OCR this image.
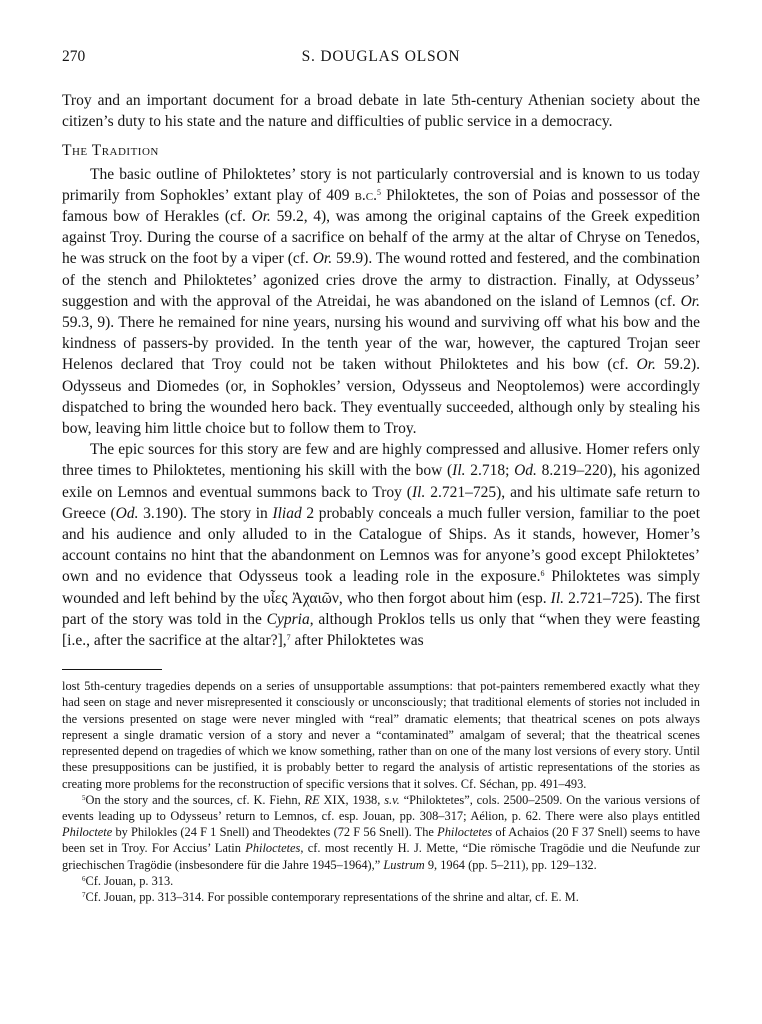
270	S. DOUGLAS OLSON

Troy and an important document for a broad debate in late 5th-century Athenian society about the citizen’s duty to his state and the nature and difficulties of public service in a democracy.

The Tradition

The basic outline of Philoktetes’ story is not particularly controversial and is known to us today primarily from Sophokles’ extant play of 409 b.c.$^5$ Philoktetes, the son of Poias and possessor of the famous bow of Herakles (cf. Or. 59.2, 4), was among the original captains of the Greek expedition against Troy. During the course of a sacrifice on behalf of the army at the altar of Chryse on Tenedos, he was struck on the foot by a viper (cf. Or. 59.9). The wound rotted and festered, and the combination of the stench and Philoktetes’ agonized cries drove the army to distraction. Finally, at Odysseus’ suggestion and with the approval of the Atreidai, he was abandoned on the island of Lemnos (cf. Or. 59.3, 9). There he remained for nine years, nursing his wound and surviving off what his bow and the kindness of passers-by provided. In the tenth year of the war, however, the captured Trojan seer Helenos declared that Troy could not be taken without Philoktetes and his bow (cf. Or. 59.2). Odysseus and Diomedes (or, in Sophokles’ version, Odysseus and Neoptolemos) were accordingly dispatched to bring the wounded hero back. They eventually succeeded, although only by stealing his bow, leaving him little choice but to follow them to Troy.

The epic sources for this story are few and are highly compressed and allusive. Homer refers only three times to Philoktetes, mentioning his skill with the bow (Il. 2.718; Od. 8.219–220), his agonized exile on Lemnos and eventual summons back to Troy (Il. 2.721–725), and his ultimate safe return to Greece (Od. 3.190). The story in Iliad 2 probably conceals a much fuller version, familiar to the poet and his audience and only alluded to in the Catalogue of Ships. As it stands, however, Homer’s account contains no hint that the abandonment on Lemnos was for anyone’s good except Philoktetes’ own and no evidence that Odysseus took a leading role in the exposure.$^6$ Philoktetes was simply wounded and left behind by the υἷες Ἀχαιῶν, who then forgot about him (esp. Il. 2.721–725). The first part of the story was told in the Cypria, although Proklos tells us only that “when they were feasting [i.e., after the sacrifice at the altar?],$^7$ after Philoktetes was

lost 5th-century tragedies depends on a series of unsupportable assumptions: that pot-painters remembered exactly what they had seen on stage and never misrepresented it consciously or unconsciously; that traditional elements of stories not included in the versions presented on stage were never mingled with “real” dramatic elements; that theatrical scenes on pots always represent a single dramatic version of a story and never a “contaminated” amalgam of several; that the theatrical scenes represented depend on tragedies of which we know something, rather than on one of the many lost versions of every story. Until these presuppositions can be justified, it is probably better to regard the analysis of artistic representations of the stories as creating more problems for the reconstruction of specific versions that it solves. Cf. Séchan, pp. 491–493.

$^5$On the story and the sources, cf. K. Fiehn, RE XIX, 1938, s.v. “Philoktetes”, cols. 2500–2509. On the various versions of events leading up to Odysseus’ return to Lemnos, cf. esp. Jouan, pp. 308–317; Aélion, p. 62. There were also plays entitled Philoctete by Philokles (24 F 1 Snell) and Theodektes (72 F 56 Snell). The Philoctetes of Achaios (20 F 37 Snell) seems to have been set in Troy. For Accius’ Latin Philoctetes, cf. most recently H. J. Mette, “Die römische Tragödie und die Neufunde zur griechischen Tragödie (insbesondere für die Jahre 1945–1964),” Lustrum 9, 1964 (pp. 5–211), pp. 129–132.

$^6$Cf. Jouan, p. 313.

$^7$Cf. Jouan, pp. 313–314. For possible contemporary representations of the shrine and altar, cf. E. M.
